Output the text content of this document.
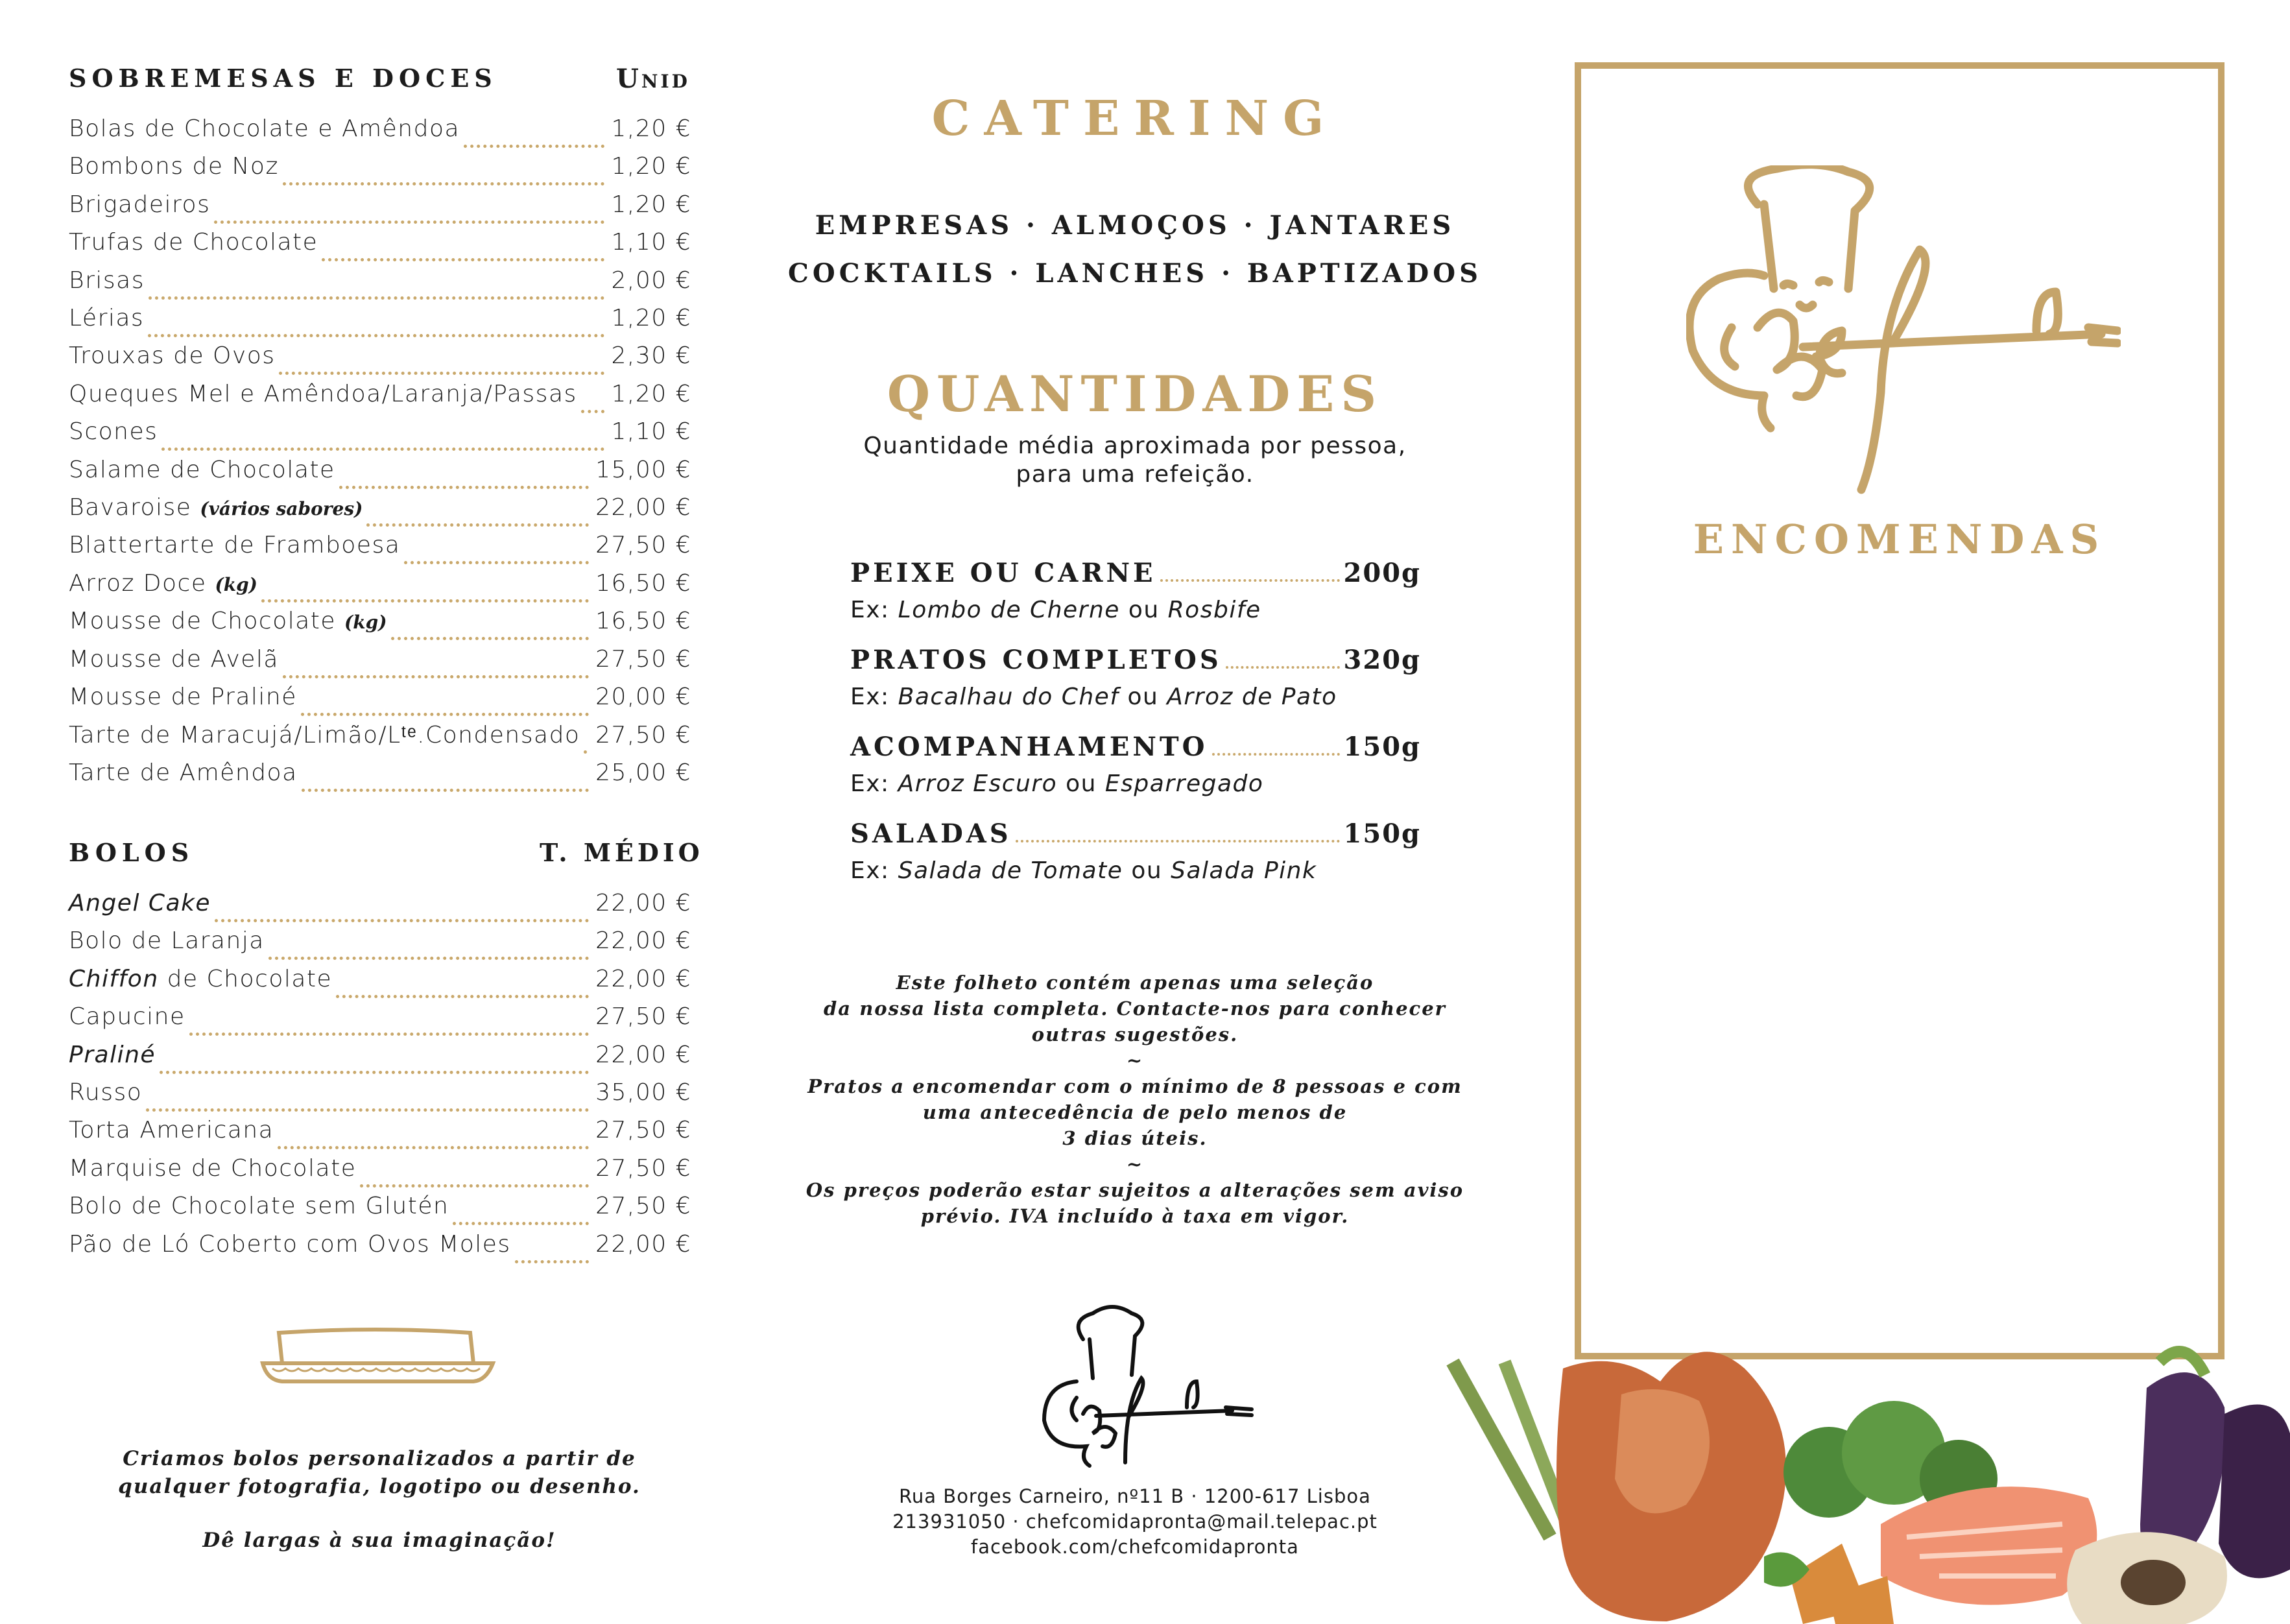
SOBREMESAS E DOCES	Unid
Bolas de Chocolate e Amêndoa	1,20 €
Bombons de Noz	1,20 €
Brigadeiros	1,20 €
Trufas de Chocolate	1,10 €
Brisas	2,00 €
Lérias	1,20 €
Trouxas de Ovos	2,30 €
Queques Mel e Amêndoa/Laranja/Passas 1,20 €
Scones	1,10 €
Salame de Chocolate	15,00 €
Bavaroise (vários sabores)	22,00 €
Blattertarte de Framboesa	27,50 €
Arroz Doce (kg)	16,50 €
Mousse de Chocolate (kg)	16,50 €
Mousse de Avelã	27,50 €
Mousse de Praliné	20,00 €
Tarte de Maracujá/Limão/Lᵗᵉ.Condensado 27,50 €
Tarte de Amêndoa	25,00 €
BOLOS	T. MÉDIO
Angel Cake	22,00 €
Bolo de Laranja	22,00 €
Chiffon de Chocolate	22,00 €
Capucine	27,50 €
Praliné	22,00 €
Russo	35,00 €
Torta Americana	27,50 €
Marquise de Chocolate	27,50 €
Bolo de Chocolate sem Glutén	27,50 €
Pão de Ló Coberto com Ovos Moles	22,00 €
Criamos bolos personalizados a partir de
qualquer fotografia, logotipo ou desenho.
Dê largas à sua imaginação!
CATERING
EMPRESAS · ALMOÇOS · JANTARES
COCKTAILS · LANCHES · BAPTIZADOS
QUANTIDADES
Quantidade média aproximada por pessoa,
para uma refeição.
PEIXE OU CARNE	200g
Ex: Lombo de Cherne ou Rosbife
PRATOS COMPLETOS	320g
Ex: Bacalhau do Chef ou Arroz de Pato
ACOMPANHAMENTO	150g
Ex: Arroz Escuro ou Esparregado
SALADAS	150g
Ex: Salada de Tomate ou Salada Pink
Este folheto contém apenas uma seleção
da nossa lista completa. Contacte-nos para conhecer
outras sugestões.
~
Pratos a encomendar com o mínimo de 8 pessoas e com
uma antecedência de pelo menos de
3 dias úteis.
~
Os preços poderão estar sujeitos a alterações sem aviso
prévio. IVA incluído à taxa em vigor.
Rua Borges Carneiro, nº11 B · 1200-617 Lisboa
213931050 · chefcomidapronta@mail.telepac.pt
facebook.com/chefcomidapronta
ENCOMENDAS
